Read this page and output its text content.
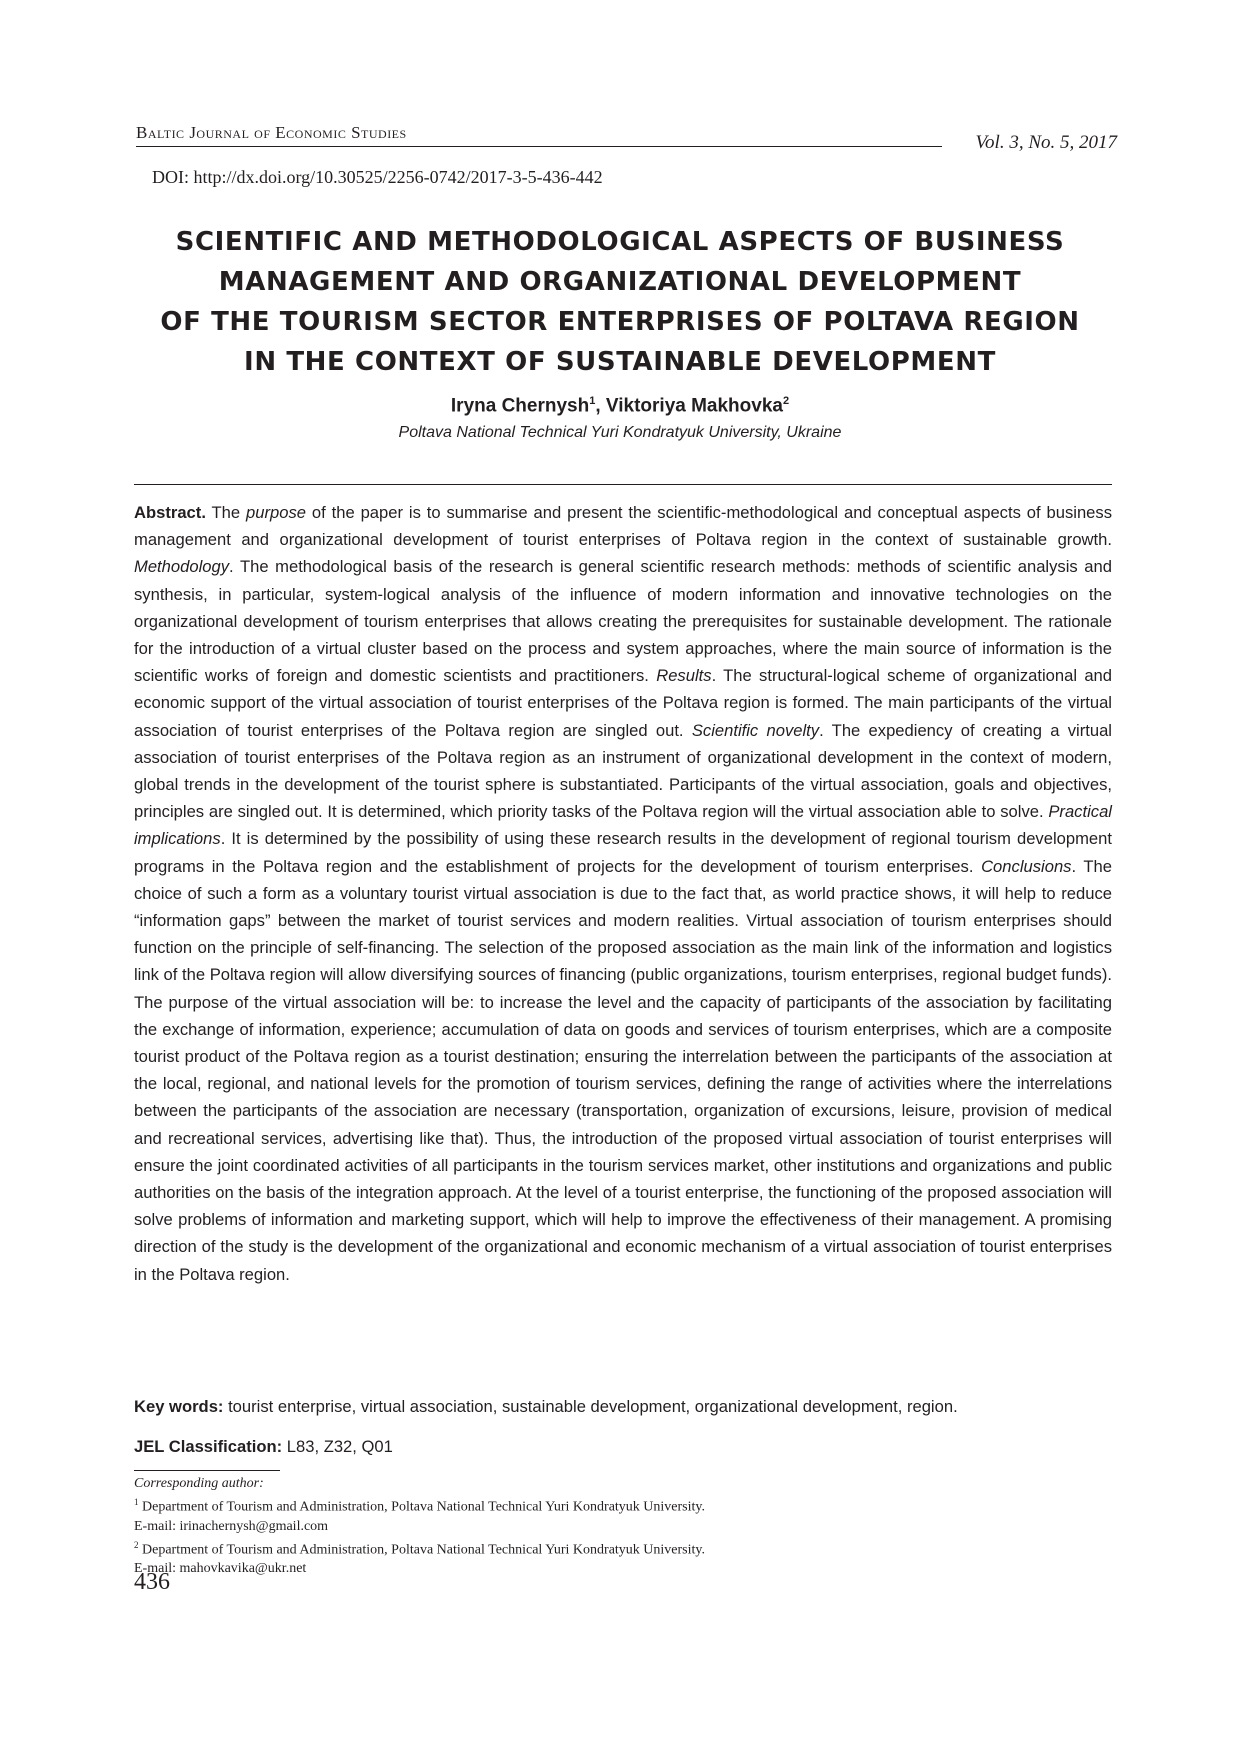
Baltic Journal of Economic Studies	Vol. 3, No. 5, 2017
DOI: http://dx.doi.org/10.30525/2256-0742/2017-3-5-436-442
SCIENTIFIC AND METHODOLOGICAL ASPECTS OF BUSINESS
MANAGEMENT AND ORGANIZATIONAL DEVELOPMENT
OF THE TOURISM SECTOR ENTERPRISES OF POLTAVA REGION
IN THE CONTEXT OF SUSTAINABLE DEVELOPMENT
Iryna Chernysh$^1$, Viktoriya Makhovka$^2$
Poltava National Technical Yuri Kondratyuk University, Ukraine

Abstract. The purpose of the paper is to summarise and present the scientific-methodological and conceptual aspects of business management and organizational development of tourist enterprises of Poltava region in the context of sustainable growth. Methodology. The methodological basis of the research is general scientific research methods: methods of scientific analysis and synthesis, in particular, system-logical analysis of the influence of modern information and innovative technologies on the organizational development of tourism enterprises that allows creating the prerequisites for sustainable development. The rationale for the introduction of a virtual cluster based on the process and system approaches, where the main source of information is the scientific works of foreign and domestic scientists and practitioners. Results. The structural-logical scheme of organizational and economic support of the virtual association of tourist enterprises of the Poltava region is formed. The main participants of the virtual association of tourist enterprises of the Poltava region are singled out. Scientific novelty. The expediency of creating a virtual association of tourist enterprises of the Poltava region as an instrument of organizational development in the context of modern, global trends in the development of the tourist sphere is substantiated. Participants of the virtual association, goals and objectives, principles are singled out. It is determined, which priority tasks of the Poltava region will the virtual association able to solve. Practical implications. It is determined by the possibility of using these research results in the development of regional tourism development programs in the Poltava region and the establishment of projects for the development of tourism enterprises. Conclusions. The choice of such a form as a voluntary tourist virtual association is due to the fact that, as world practice shows, it will help to reduce “information gaps” between the market of tourist services and modern realities. Virtual association of tourism enterprises should function on the principle of self-financing. The selection of the proposed association as the main link of the information and logistics link of the Poltava region will allow diversifying sources of financing (public organizations, tourism enterprises, regional budget funds). The purpose of the virtual association will be: to increase the level and the capacity of participants of the association by facilitating the exchange of information, experience; accumulation of data on goods and services of tourism enterprises, which are a composite tourist product of the Poltava region as a tourist destination; ensuring the interrelation between the participants of the association at the local, regional, and national levels for the promotion of tourism services, defining the range of activities where the interrelations between the participants of the association are necessary (transportation, organization of excursions, leisure, provision of medical and recreational services, advertising like that). Thus, the introduction of the proposed virtual association of tourist enterprises will ensure the joint coordinated activities of all participants in the tourism services market, other institutions and organizations and public authorities on the basis of the integration approach. At the level of a tourist enterprise, the functioning of the proposed association will solve problems of information and marketing support, which will help to improve the effectiveness of their management. A promising direction of the study is the development of the organizational and economic mechanism of a virtual association of tourist enterprises in the Poltava region.

Key words: tourist enterprise, virtual association, sustainable development, organizational development, region.

JEL Classification: L83, Z32, Q01

Corresponding author:
$^1$ Department of Tourism and Administration, Poltava National Technical Yuri Kondratyuk University.
E-mail: irinachernysh@gmail.com
$^2$ Department of Tourism and Administration, Poltava National Technical Yuri Kondratyuk University.
E-mail: mahovkavika@ukr.net
436
